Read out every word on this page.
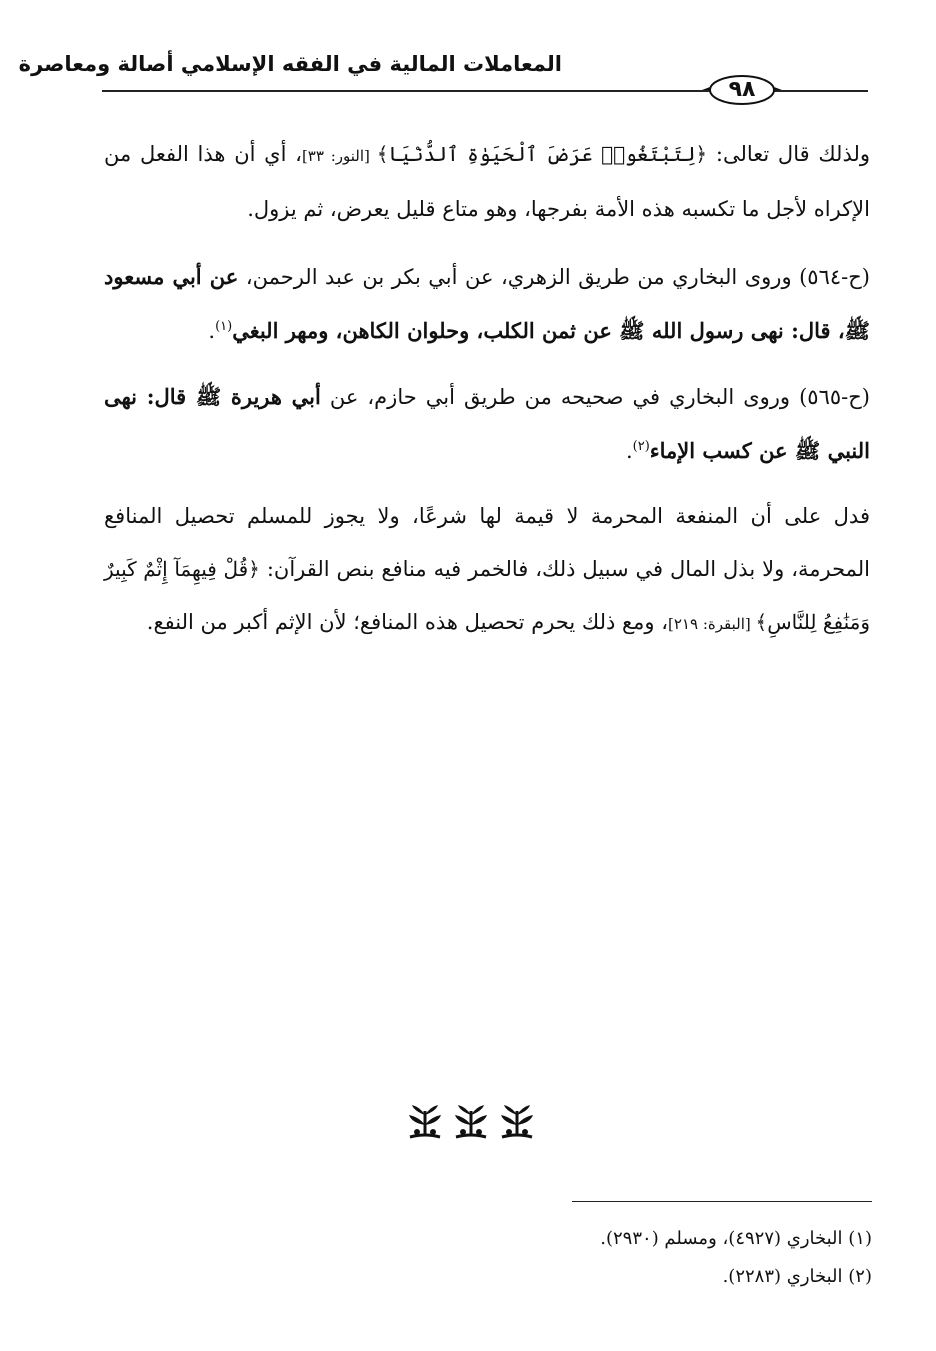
المعاملات المالية في الفقه الإسلامي أصالة ومعاصرة
٩٨

ولذلك قال تعالى: ﴿لِتَبْتَغُوا۟ عَرَضَ ٱلْحَيَوٰةِ ٱلدُّنْيَا﴾ [النور: ٣٣]، أي أن هذا الفعل من الإكراه لأجل ما تكسبه هذه الأمة بفرجها، وهو متاع قليل يعرض، ثم يزول.

(ح-٥٦٤) وروى البخاري من طريق الزهري، عن أبي بكر بن عبد الرحمن، عن أبي مسعود ﷺ، قال: نهى رسول الله ﷺ عن ثمن الكلب، وحلوان الكاهن، ومهر البغي$^{(١)}$.

(ح-٥٦٥) وروى البخاري في صحيحه من طريق أبي حازم، عن أبي هريرة ﷺ قال: نهى النبي ﷺ عن كسب الإماء$^{(٢)}$.

فدل على أن المنفعة المحرمة لا قيمة لها شرعًا، ولا يجوز للمسلم تحصيل المنافع المحرمة، ولا بذل المال في سبيل ذلك، فالخمر فيه منافع بنص القرآن: ﴿قُلْ فِيهِمَآ إِثْمٌ كَبِيرٌ وَمَنَٰفِعُ لِلنَّاسِ﴾ [البقرة: ٢١٩]، ومع ذلك يحرم تحصيل هذه المنافع؛ لأن الإثم أكبر من النفع.

(١) البخاري (٤٩٢٧)، ومسلم (٢٩٣٠).
(٢) البخاري (٢٢٨٣).
